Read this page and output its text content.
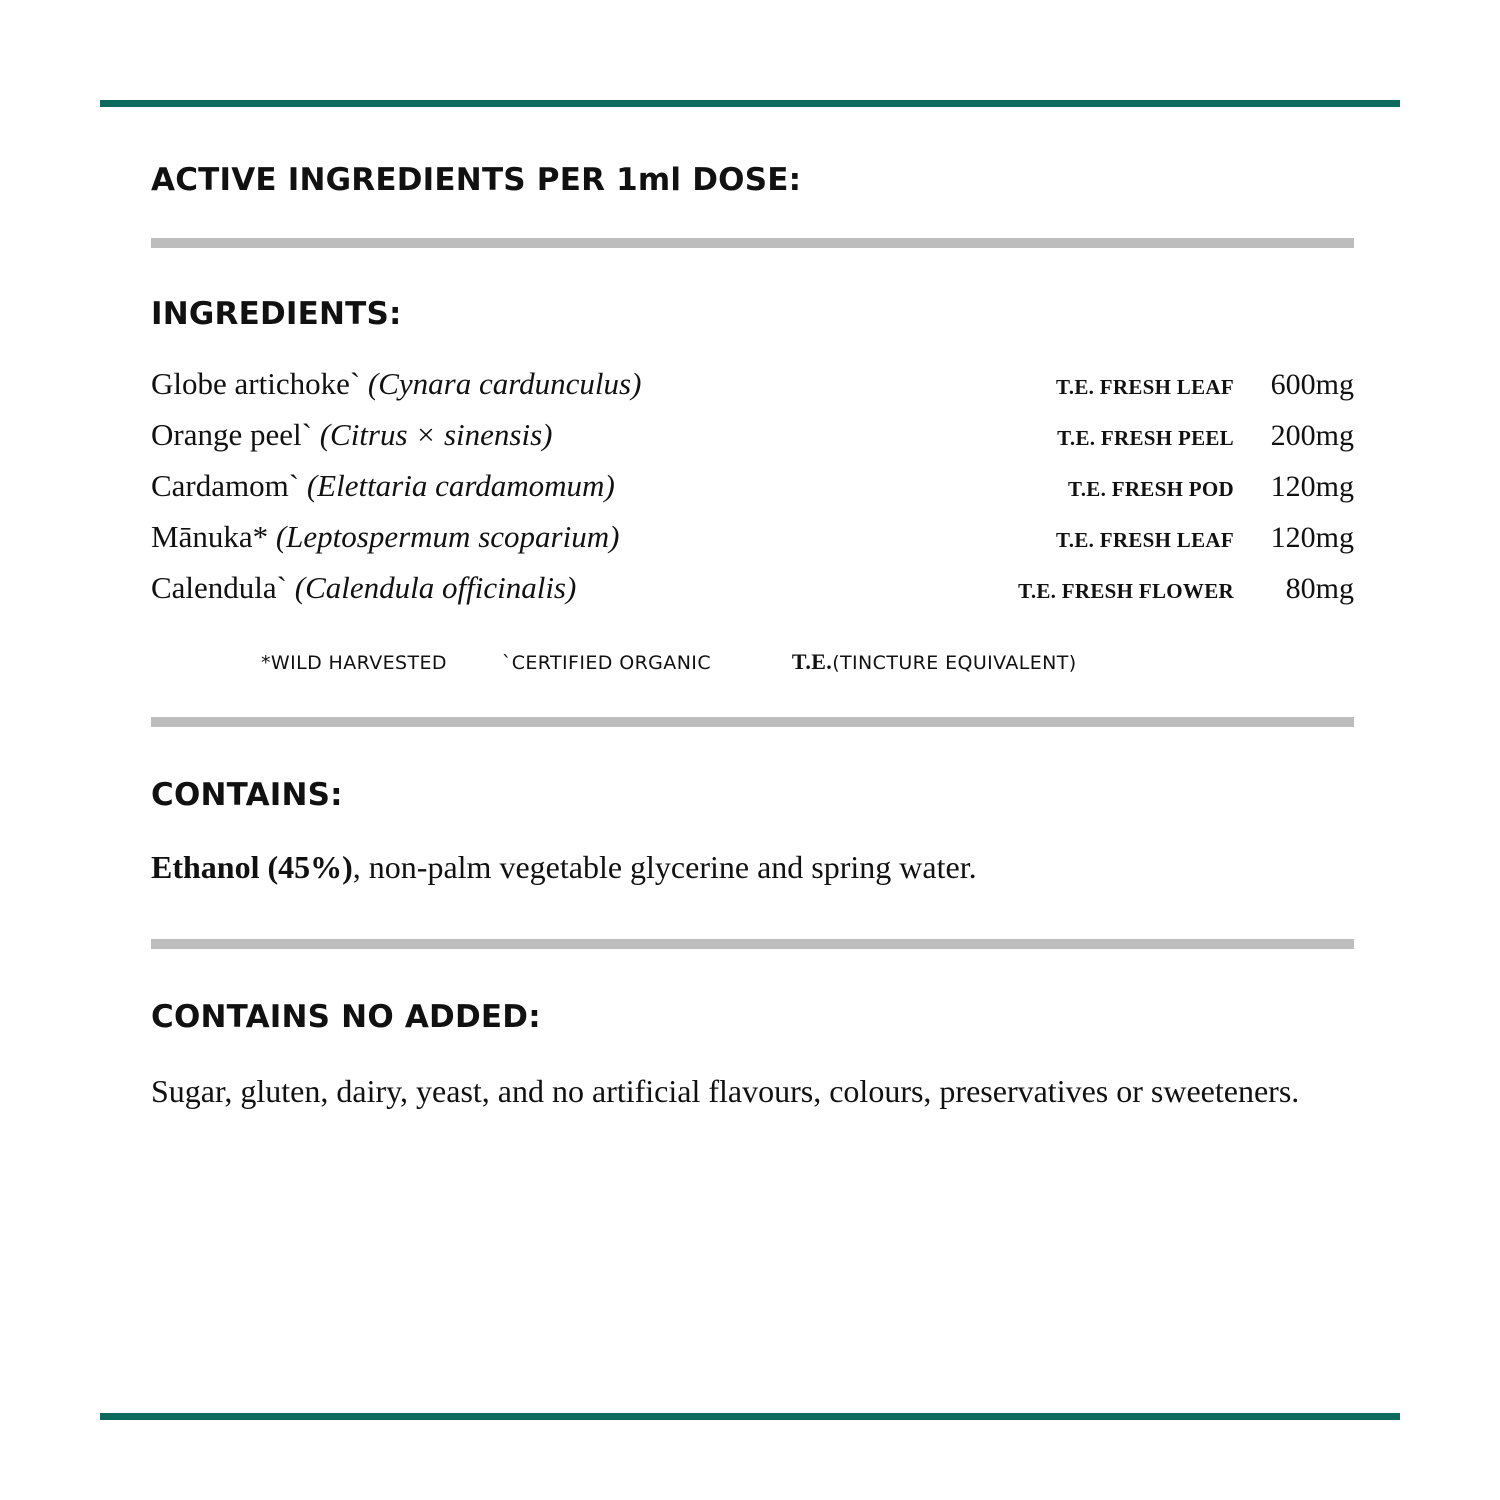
ACTIVE INGREDIENTS PER 1ml DOSE:
INGREDIENTS:
Globe artichoke` (Cynara cardunculus)	T.E. FRESH LEAF	600mg
Orange peel` (Citrus × sinensis)	T.E. FRESH PEEL	200mg
Cardamom` (Elettaria cardamomum)	T.E. FRESH POD	120mg
Mānuka* (Leptospermum scoparium)	T.E. FRESH LEAF	120mg
Calendula` (Calendula officinalis)	T.E. FRESH FLOWER	80mg
*WILD HARVESTED	`CERTIFIED ORGANIC	T.E.(TINCTURE EQUIVALENT)
CONTAINS:

Ethanol (45%), non-palm vegetable glycerine and spring water.

CONTAINS NO ADDED:

Sugar, gluten, dairy, yeast, and no artificial flavours, colours, preservatives or sweeteners.
